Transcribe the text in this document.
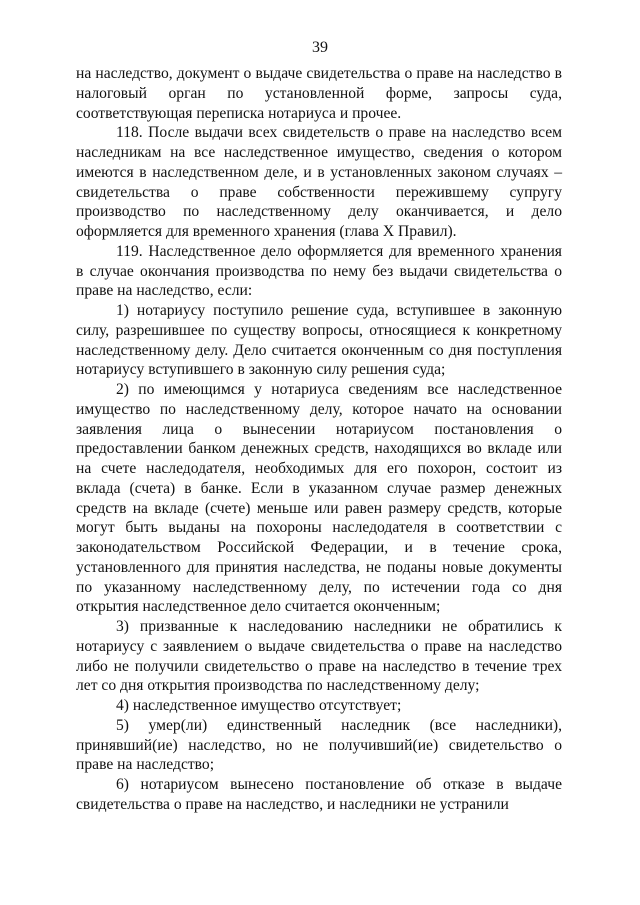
39

на наследство, документ о выдаче свидетельства о праве на наследство в налоговый орган по установленной форме, запросы суда, соответствующая переписка нотариуса и прочее.

118. После выдачи всех свидетельств о праве на наследство всем наследникам на все наследственное имущество, сведения о котором имеются в наследственном деле, и в установленных законом случаях – свидетельства о праве собственности пережившему супругу производство по наследственному делу оканчивается, и дело оформляется для временного хранения (глава X Правил).

119. Наследственное дело оформляется для временного хранения в случае окончания производства по нему без выдачи свидетельства о праве на наследство, если:

1) нотариусу поступило решение суда, вступившее в законную силу, разрешившее по существу вопросы, относящиеся к конкретному наследственному делу. Дело считается оконченным со дня поступления нотариусу вступившего в законную силу решения суда;

2) по имеющимся у нотариуса сведениям все наследственное имущество по наследственному делу, которое начато на основании заявления лица о вынесении нотариусом постановления о предоставлении банком денежных средств, находящихся во вкладе или на счете наследодателя, необходимых для его похорон, состоит из вклада (счета) в банке. Если в указанном случае размер денежных средств на вкладе (счете) меньше или равен размеру средств, которые могут быть выданы на похороны наследодателя в соответствии с законодательством Российской Федерации, и в течение срока, установленного для принятия наследства, не поданы новые документы по указанному наследственному делу, по истечении года со дня открытия наследственное дело считается оконченным;

3) призванные к наследованию наследники не обратились к нотариусу с заявлением о выдаче свидетельства о праве на наследство либо не получили свидетельство о праве на наследство в течение трех лет со дня открытия производства по наследственному делу;

4) наследственное имущество отсутствует;

5) умер(ли) единственный наследник (все наследники), принявший(ие) наследство, но не получивший(ие) свидетельство о праве на наследство;

6) нотариусом вынесено постановление об отказе в выдаче свидетельства о праве на наследство, и наследники не устранили
